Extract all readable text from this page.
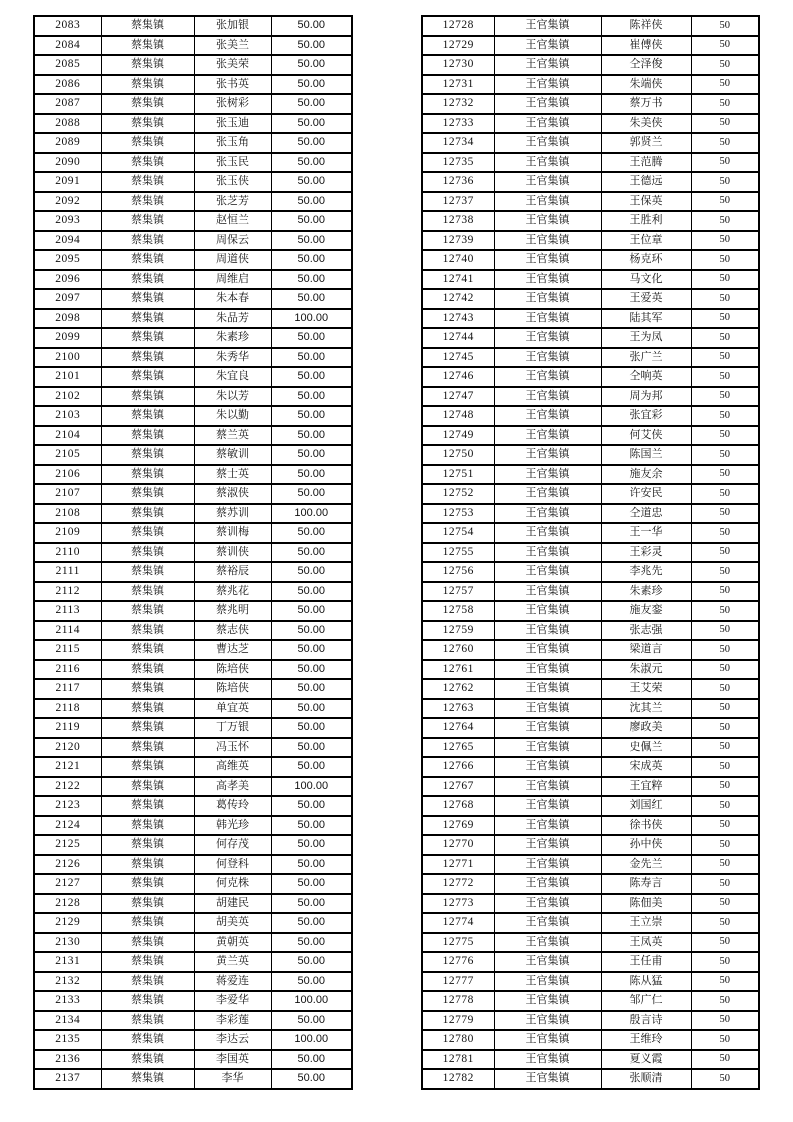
2083	蔡集镇	张加银	50.00
2084	蔡集镇	张美兰	50.00
2085	蔡集镇	张美荣	50.00
2086	蔡集镇	张书英	50.00
2087	蔡集镇	张树彩	50.00
2088	蔡集镇	张玉迪	50.00
2089	蔡集镇	张玉角	50.00
2090	蔡集镇	张玉民	50.00
2091	蔡集镇	张玉侠	50.00
2092	蔡集镇	张芝芳	50.00
2093	蔡集镇	赵恒兰	50.00
2094	蔡集镇	周保云	50.00
2095	蔡集镇	周道侠	50.00
2096	蔡集镇	周维启	50.00
2097	蔡集镇	朱本春	50.00
2098	蔡集镇	朱品芳	100.00
2099	蔡集镇	朱素珍	50.00
2100	蔡集镇	朱秀华	50.00
2101	蔡集镇	朱宜良	50.00
2102	蔡集镇	朱以芳	50.00
2103	蔡集镇	朱以勤	50.00
2104	蔡集镇	蔡兰英	50.00
2105	蔡集镇	蔡敏训	50.00
2106	蔡集镇	蔡士英	50.00
2107	蔡集镇	蔡淑侠	50.00
2108	蔡集镇	蔡苏训	100.00
2109	蔡集镇	蔡训梅	50.00
2110	蔡集镇	蔡训侠	50.00
2111	蔡集镇	蔡裕辰	50.00
2112	蔡集镇	蔡兆花	50.00
2113	蔡集镇	蔡兆明	50.00
2114	蔡集镇	蔡志侠	50.00
2115	蔡集镇	曹达芝	50.00
2116	蔡集镇	陈培侠	50.00
2117	蔡集镇	陈培侠	50.00
2118	蔡集镇	单宜英	50.00
2119	蔡集镇	丁万银	50.00
2120	蔡集镇	冯玉怀	50.00
2121	蔡集镇	高维英	50.00
2122	蔡集镇	高孝美	100.00
2123	蔡集镇	葛传玲	50.00
2124	蔡集镇	韩光珍	50.00
2125	蔡集镇	何存茂	50.00
2126	蔡集镇	何登科	50.00
2127	蔡集镇	何克株	50.00
2128	蔡集镇	胡建民	50.00
2129	蔡集镇	胡美英	50.00
2130	蔡集镇	黄朝英	50.00
2131	蔡集镇	黄兰英	50.00
2132	蔡集镇	蒋爱连	50.00
2133	蔡集镇	李爱华	100.00
2134	蔡集镇	李彩莲	50.00
2135	蔡集镇	李达云	100.00
2136	蔡集镇	李国英	50.00
2137	蔡集镇	李华	50.00
12728	王官集镇	陈祥侠	50
12729	王官集镇	崔傅侠	50
12730	王官集镇	仝泽俊	50
12731	王官集镇	朱端侠	50
12732	王官集镇	蔡万书	50
12733	王官集镇	朱美侠	50
12734	王官集镇	郭贤兰	50
12735	王官集镇	王范腾	50
12736	王官集镇	王德远	50
12737	王官集镇	王保英	50
12738	王官集镇	王胜利	50
12739	王官集镇	王位章	50
12740	王官集镇	杨克环	50
12741	王官集镇	马文化	50
12742	王官集镇	王爱英	50
12743	王官集镇	陆其军	50
12744	王官集镇	王为凤	50
12745	王官集镇	张广兰	50
12746	王官集镇	仝响英	50
12747	王官集镇	周为邦	50
12748	王官集镇	张宜彩	50
12749	王官集镇	何艾侠	50
12750	王官集镇	陈国兰	50
12751	王官集镇	施友余	50
12752	王官集镇	许安民	50
12753	王官集镇	仝道忠	50
12754	王官集镇	王一华	50
12755	王官集镇	王彩灵	50
12756	王官集镇	李兆先	50
12757	王官集镇	朱素珍	50
12758	王官集镇	施友銮	50
12759	王官集镇	张志强	50
12760	王官集镇	梁道言	50
12761	王官集镇	朱淑元	50
12762	王官集镇	王艾荣	50
12763	王官集镇	沈其兰	50
12764	王官集镇	廖政美	50
12765	王官集镇	史佩兰	50
12766	王官集镇	宋成英	50
12767	王官集镇	王宜粹	50
12768	王官集镇	刘国红	50
12769	王官集镇	徐书侠	50
12770	王官集镇	孙中侠	50
12771	王官集镇	金先兰	50
12772	王官集镇	陈寿言	50
12773	王官集镇	陈佃美	50
12774	王官集镇	王立崇	50
12775	王官集镇	王凤英	50
12776	王官集镇	王任甫	50
12777	王官集镇	陈从猛	50
12778	王官集镇	邹广仁	50
12779	王官集镇	殷言诗	50
12780	王官集镇	王维玲	50
12781	王官集镇	夏义霞	50
12782	王官集镇	张顺清	50
